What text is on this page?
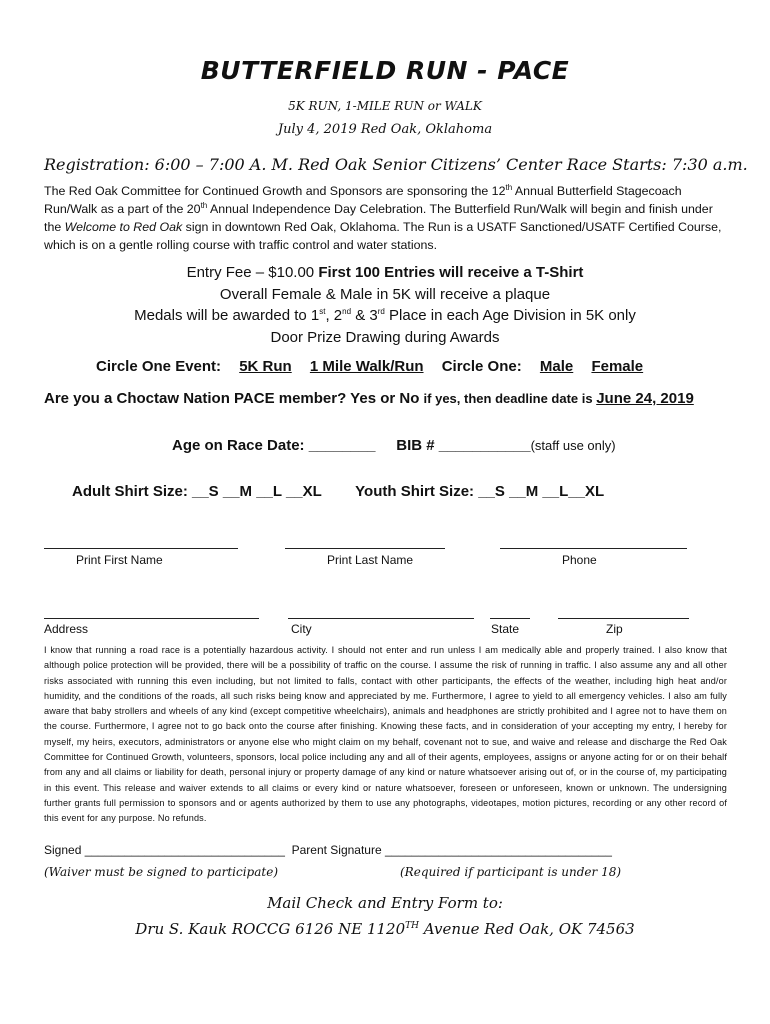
BUTTERFIELD RUN - PACE
5K RUN, 1-MILE RUN or WALK
July 4, 2019 Red Oak, Oklahoma
Registration: 6:00 – 7:00 A. M. Red Oak Senior Citizens’ Center Race Starts: 7:30 a.m.
The Red Oak Committee for Continued Growth and Sponsors are sponsoring the 12th Annual Butterfield Stagecoach Run/Walk as a part of the 20th Annual Independence Day Celebration. The Butterfield Run/Walk will begin and finish under the Welcome to Red Oak sign in downtown Red Oak, Oklahoma. The Run is a USATF Sanctioned/USATF Certified Course, which is on a gentle rolling course with traffic control and water stations.
Entry Fee – $10.00 First 100 Entries will receive a T-Shirt
Overall Female & Male in 5K will receive a plaque
Medals will be awarded to 1st, 2nd & 3rd Place in each Age Division in 5K only
Door Prize Drawing during Awards
Circle One Event: 5K Run 1 Mile Walk/Run Circle One: Male Female
Are you a Choctaw Nation PACE member? Yes or No if yes, then deadline date is June 24, 2019
Age on Race Date: ________ BIB # ___________(staff use only)
Adult Shirt Size: __S __M __L __XL Youth Shirt Size: __S __M __L__XL
Print First Name	Print Last Name	Phone
Address	City	State	Zip
I know that running a road race is a potentially hazardous activity. I should not enter and run unless I am medically able and properly trained. I also know that although police protection will be provided, there will be a possibility of traffic on the course. I assume the risk of running in traffic. I also assume any and all other risks associated with running this even including, but not limited to falls, contact with other participants, the effects of the weather, including high heat and/or humidity, and the conditions of the roads, all such risks being know and appreciated by me. Furthermore, I agree to yield to all emergency vehicles. I also am fully aware that baby strollers and wheels of any kind (except competitive wheelchairs), animals and headphones are strictly prohibited and I agree not to have them on the course. Furthermore, I agree not to go back onto the course after finishing. Knowing these facts, and in consideration of your accepting my entry, I hereby for myself, my heirs, executors, administrators or anyone else who might claim on my behalf, covenant not to sue, and waive and release and discharge the Red Oak Committee for Continued Growth, volunteers, sponsors, local police including any and all of their agents, employees, assigns or anyone acting for or on their behalf from any and all claims or liability for death, personal injury or property damage of any kind or nature whatsoever arising out of, or in the course of, my participating in this event. This release and waiver extends to all claims or every kind or nature whatsoever, foreseen or unforeseen, known or unknown. The undersigning further grants full permission to sponsors and or agents authorized by them to use any photographs, videotapes, motion pictures, recording or any other record of this event for any purpose. No refunds.
Signed ______________________________ Parent Signature __________________________________
(Waiver must be signed to participate)	(Required if participant is under 18)
Mail Check and Entry Form to:
Dru S. Kauk ROCCG 6126 NE 1120TH Avenue Red Oak, OK 74563
